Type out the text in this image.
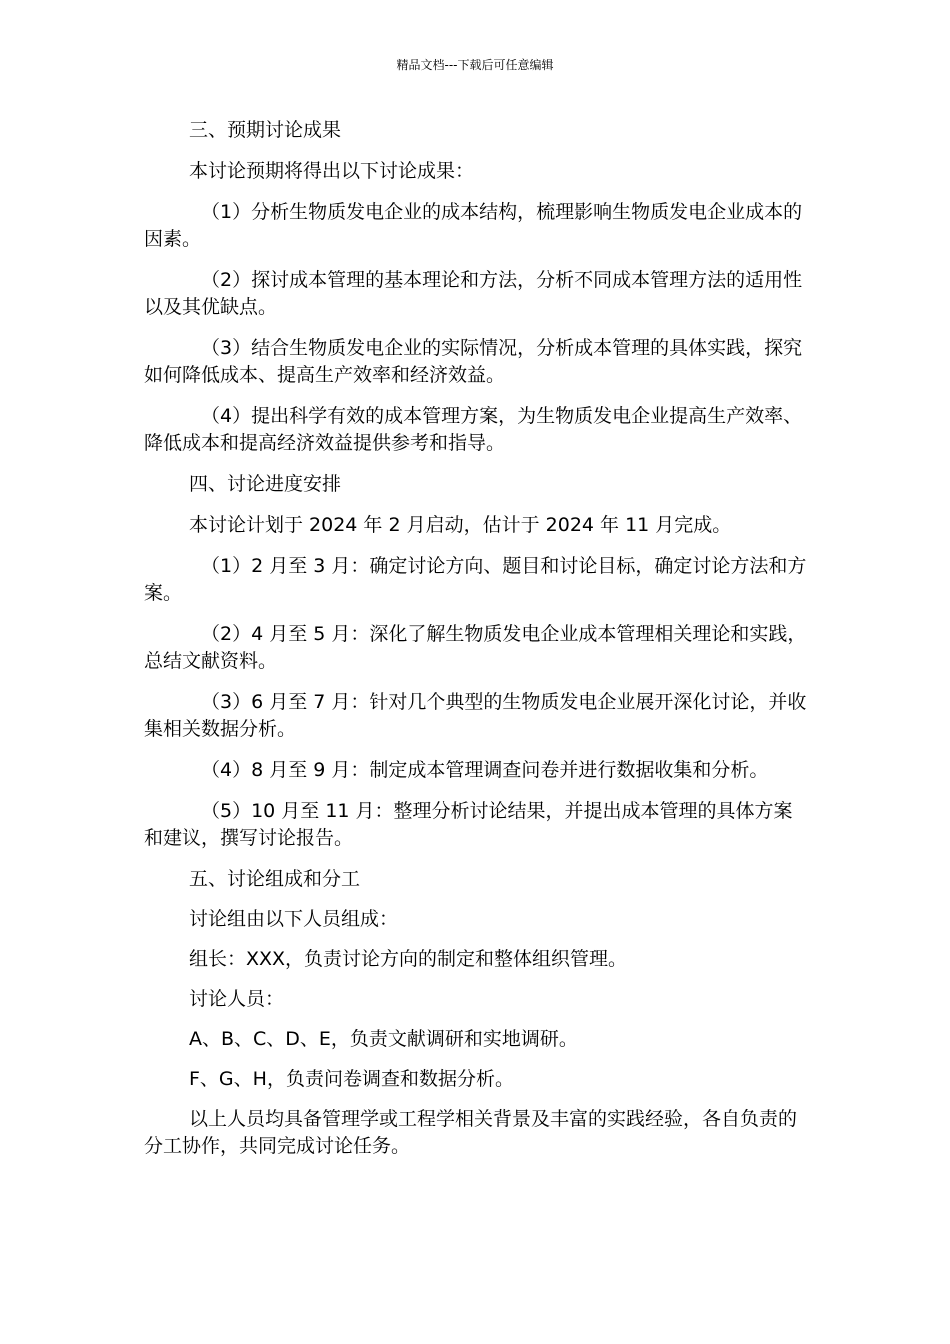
精品文档---下载后可任意编辑
三、预期讨论成果
本讨论预期将得出以下讨论成果：
（1）分析生物质发电企业的成本结构，梳理影响生物质发电企业成本的因素。
（2）探讨成本管理的基本理论和方法，分析不同成本管理方法的适用性以及其优缺点。
（3）结合生物质发电企业的实际情况，分析成本管理的具体实践，探究如何降低成本、提高生产效率和经济效益。
（4）提出科学有效的成本管理方案，为生物质发电企业提高生产效率、降低成本和提高经济效益提供参考和指导。
四、讨论进度安排
本讨论计划于 2024 年 2 月启动，估计于 2024 年 11 月完成。
（1）2 月至 3 月：确定讨论方向、题目和讨论目标，确定讨论方法和方案。
（2）4 月至 5 月：深化了解生物质发电企业成本管理相关理论和实践，总结文献资料。
（3）6 月至 7 月：针对几个典型的生物质发电企业展开深化讨论，并收集相关数据分析。
（4）8 月至 9 月：制定成本管理调查问卷并进行数据收集和分析。
（5）10 月至 11 月：整理分析讨论结果，并提出成本管理的具体方案和建议，撰写讨论报告。
五、讨论组成和分工
讨论组由以下人员组成：
组长：XXX，负责讨论方向的制定和整体组织管理。
讨论人员：
A、B、C、D、E，负责文献调研和实地调研。
F、G、H，负责问卷调查和数据分析。
以上人员均具备管理学或工程学相关背景及丰富的实践经验，各自负责的分工协作，共同完成讨论任务。
